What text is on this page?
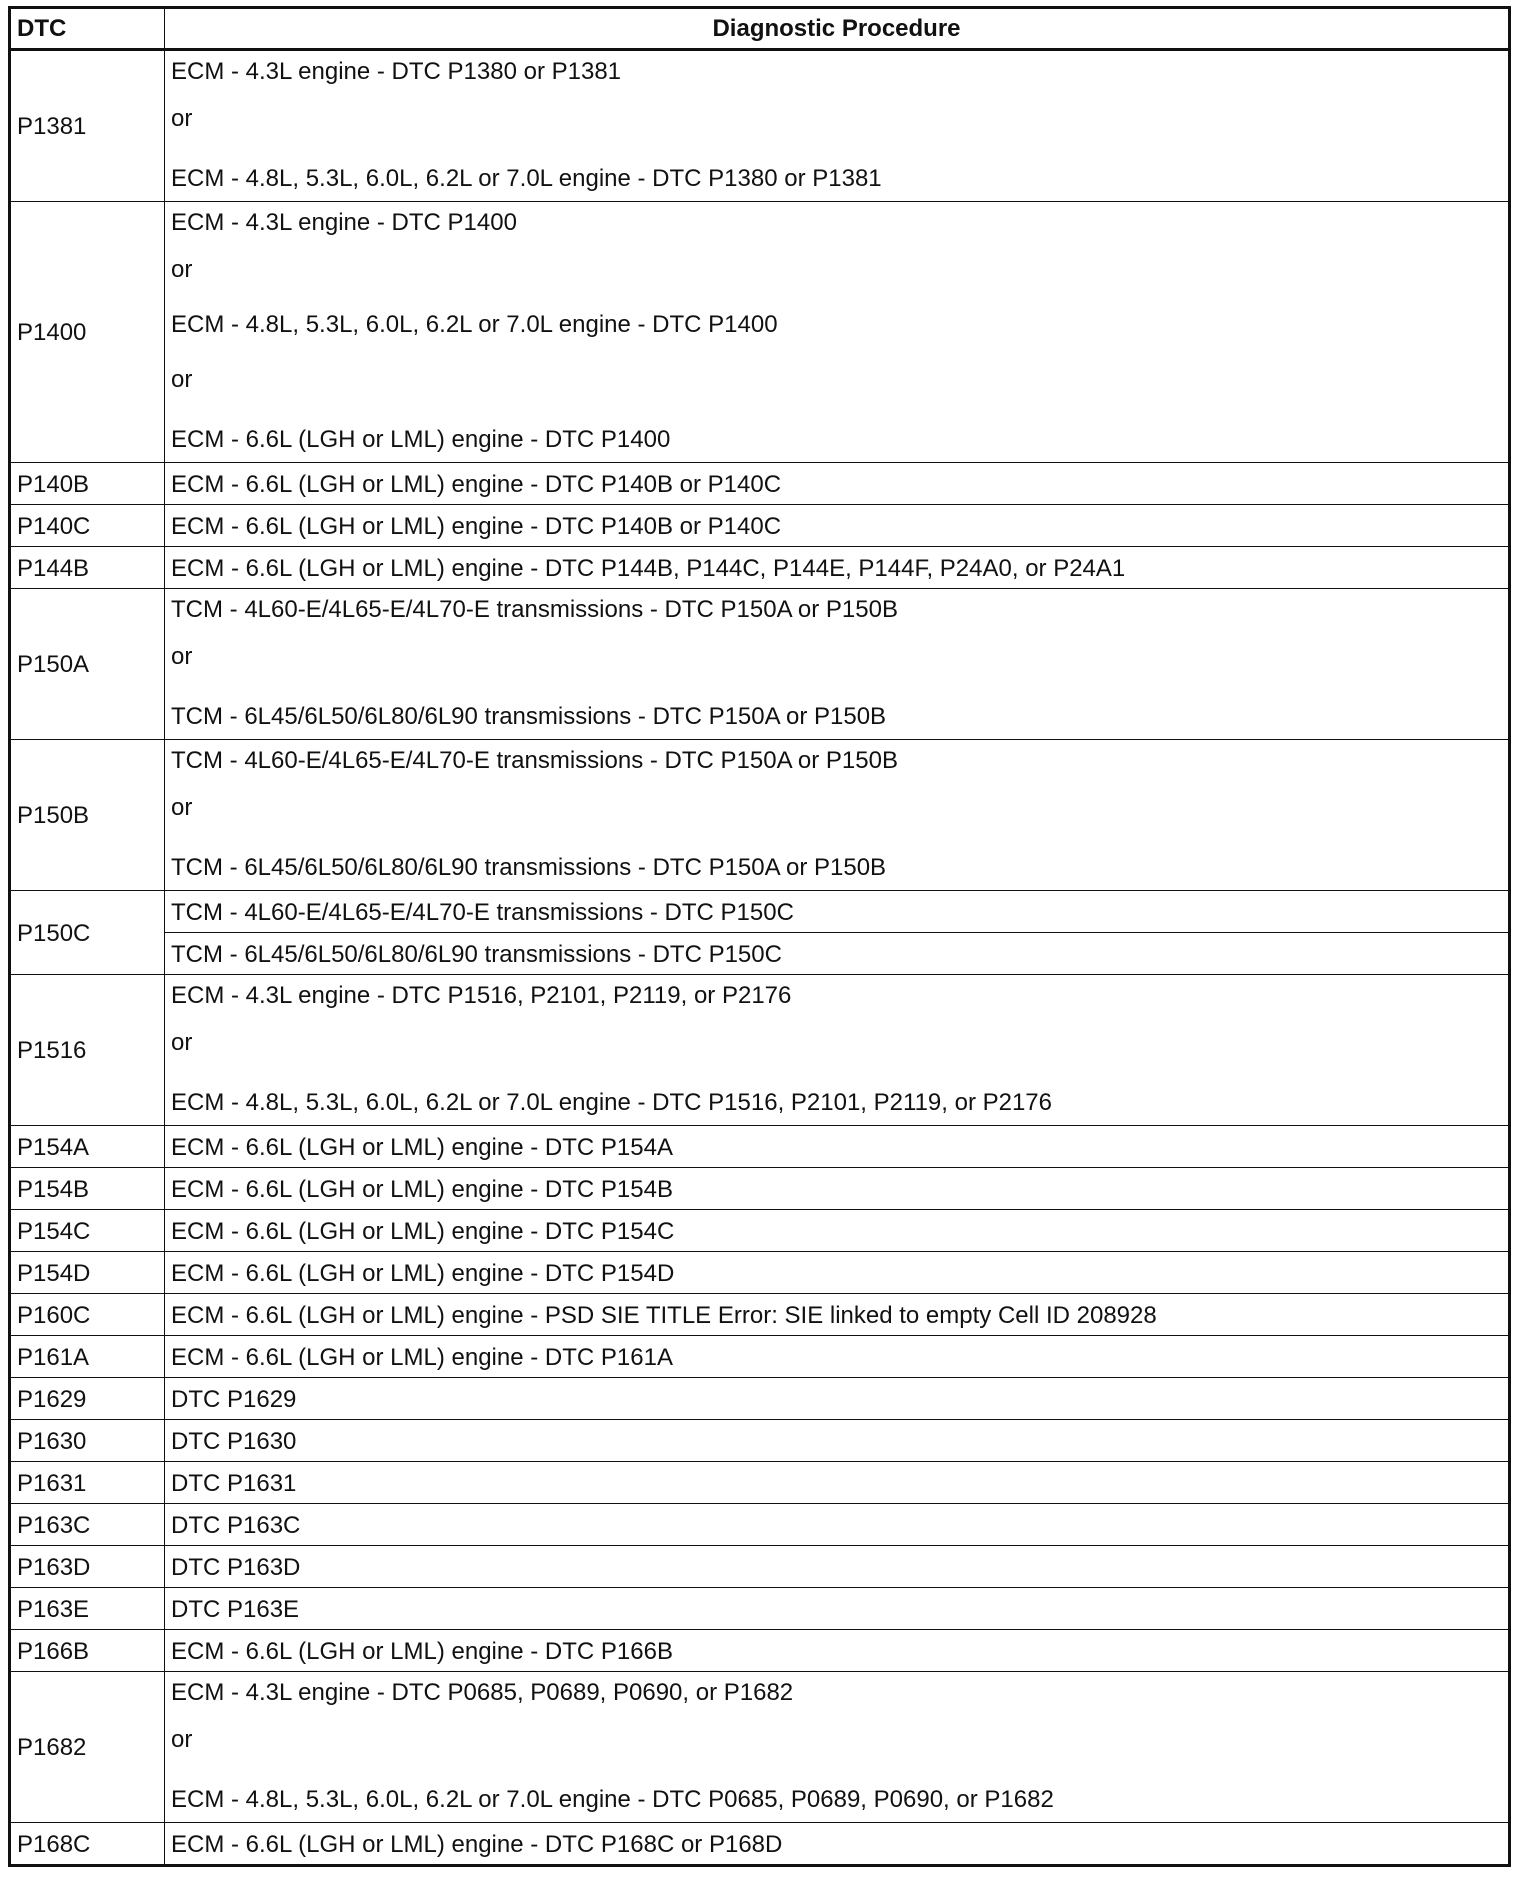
DTC	Diagnostic Procedure
P1381	ECM - 4.3L engine - DTC P1380 or P1381
or
ECM - 4.8L, 5.3L, 6.0L, 6.2L or 7.0L engine - DTC P1380 or P1381

P1400	ECM - 4.3L engine - DTC P1400
or
ECM - 4.8L, 5.3L, 6.0L, 6.2L or 7.0L engine - DTC P1400
or
ECM - 6.6L (LGH or LML) engine - DTC P1400

P140B	ECM - 6.6L (LGH or LML) engine - DTC P140B or P140C
P140C	ECM - 6.6L (LGH or LML) engine - DTC P140B or P140C
P144B	ECM - 6.6L (LGH or LML) engine - DTC P144B, P144C, P144E, P144F, P24A0, or P24A1
P150A	TCM - 4L60-E/4L65-E/4L70-E transmissions - DTC P150A or P150B
or
TCM - 6L45/6L50/6L80/6L90 transmissions - DTC P150A or P150B

P150B	TCM - 4L60-E/4L65-E/4L70-E transmissions - DTC P150A or P150B
or
TCM - 6L45/6L50/6L80/6L90 transmissions - DTC P150A or P150B

P150C	TCM - 4L60-E/4L65-E/4L70-E transmissions - DTC P150C
	TCM - 6L45/6L50/6L80/6L90 transmissions - DTC P150C
P1516	ECM - 4.3L engine - DTC P1516, P2101, P2119, or P2176
or
ECM - 4.8L, 5.3L, 6.0L, 6.2L or 7.0L engine - DTC P1516, P2101, P2119, or P2176

P154A	ECM - 6.6L (LGH or LML) engine - DTC P154A
P154B	ECM - 6.6L (LGH or LML) engine - DTC P154B
P154C	ECM - 6.6L (LGH or LML) engine - DTC P154C
P154D	ECM - 6.6L (LGH or LML) engine - DTC P154D
P160C	ECM - 6.6L (LGH or LML) engine - PSD SIE TITLE Error: SIE linked to empty Cell ID 208928
P161A	ECM - 6.6L (LGH or LML) engine - DTC P161A
P1629	DTC P1629
P1630	DTC P1630
P1631	DTC P1631
P163C	DTC P163C
P163D	DTC P163D
P163E	DTC P163E
P166B	ECM - 6.6L (LGH or LML) engine - DTC P166B
P1682	ECM - 4.3L engine - DTC P0685, P0689, P0690, or P1682
or
ECM - 4.8L, 5.3L, 6.0L, 6.2L or 7.0L engine - DTC P0685, P0689, P0690, or P1682

P168C	ECM - 6.6L (LGH or LML) engine - DTC P168C or P168D
